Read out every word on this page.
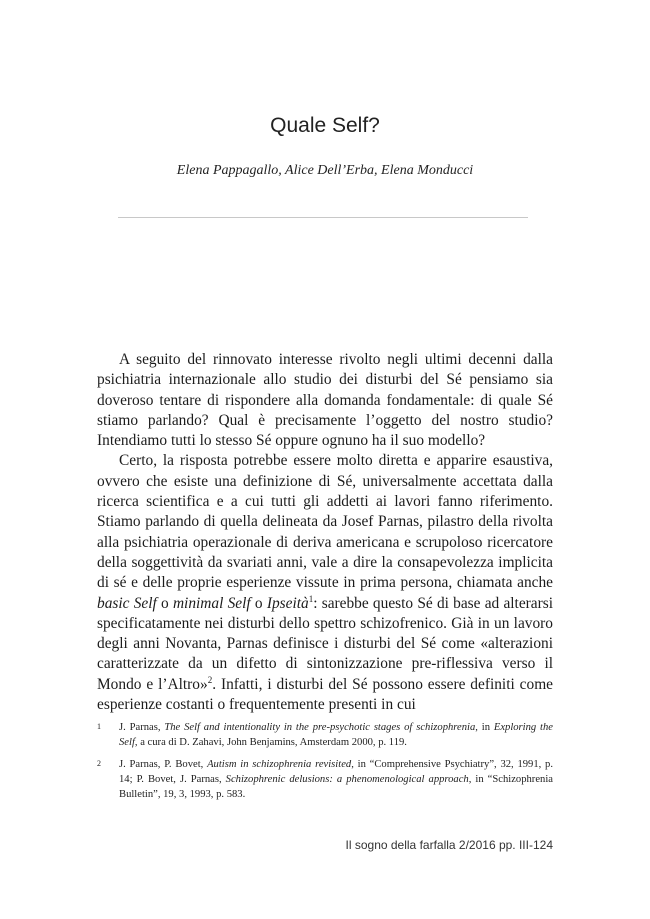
Quale Self?
Elena Pappagallo, Alice Dell’Erba, Elena Monducci

A seguito del rinnovato interesse rivolto negli ultimi decenni dalla psichiatria internazionale allo studio dei disturbi del Sé pensiamo sia doveroso tentare di rispondere alla domanda fondamentale: di quale Sé stiamo parlando? Qual è precisamente l’oggetto del nostro studio? Intendiamo tutti lo stesso Sé oppure ognuno ha il suo modello?

Certo, la risposta potrebbe essere molto diretta e apparire esaustiva, ovvero che esiste una definizione di Sé, universalmente accettata dalla ricerca scientifica e a cui tutti gli addetti ai lavori fanno riferimento. Stiamo parlando di quella delineata da Josef Parnas, pilastro della rivolta alla psichiatria operazionale di deriva americana e scrupoloso ricercatore della soggettività da svariati anni, vale a dire la consapevolezza implicita di sé e delle proprie esperienze vissute in prima persona, chiamata anche basic Self o minimal Self o Ipseità$^1$: sarebbe questo Sé di base ad alterarsi specificatamente nei disturbi dello spettro schizofrenico. Già in un lavoro degli anni Novanta, Parnas definisce i disturbi del Sé come «alterazioni caratterizzate da un difetto di sintonizzazione pre-riflessiva verso il Mondo e l’Altro»$^2$. Infatti, i disturbi del Sé possono essere definiti come esperienze costanti o frequentemente presenti in cui

1 J. Parnas, The Self and intentionality in the pre-psychotic stages of schizophrenia, in Exploring the Self, a cura di D. Zahavi, John Benjamins, Amsterdam 2000, p. 119.

2 J. Parnas, P. Bovet, Autism in schizophrenia revisited, in “Comprehensive Psychiatry”, 32, 1991, p. 14; P. Bovet, J. Parnas, Schizophrenic delusions: a phenomenological approach, in “Schizophrenia Bulletin”, 19, 3, 1993, p. 583.

Il sogno della farfalla 2/2016 pp. III-124
